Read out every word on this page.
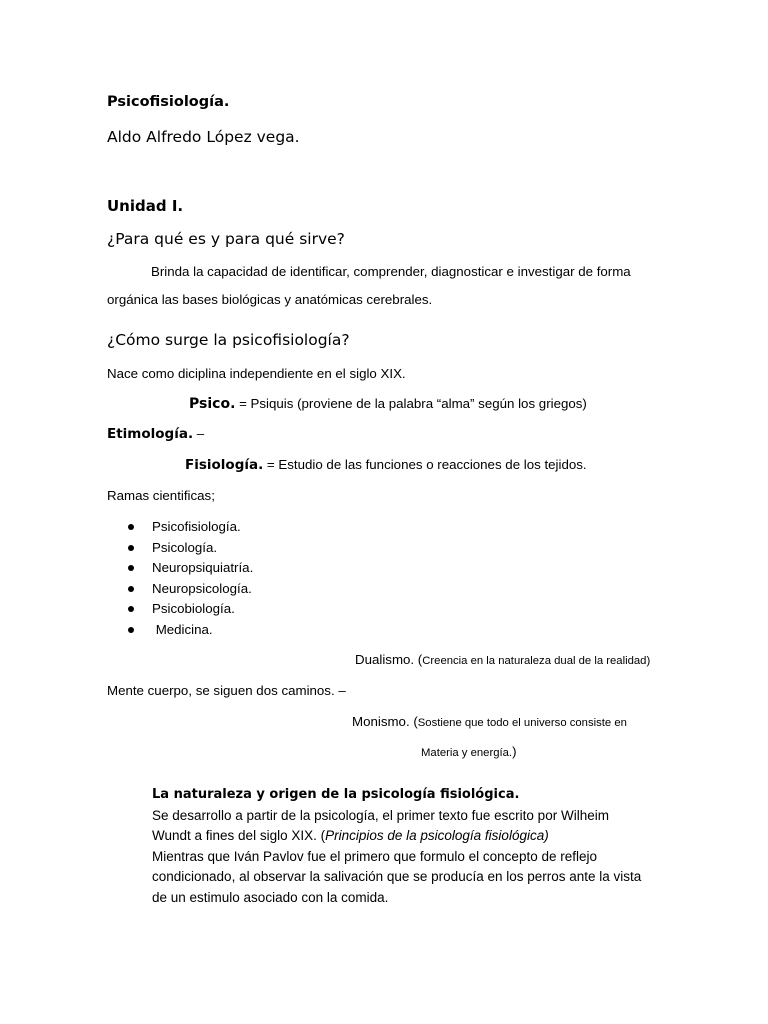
Psicofisiología.
Aldo Alfredo López vega.
Unidad I.
¿Para qué es y para qué sirve?
Brinda la capacidad de identificar, comprender, diagnosticar e investigar de forma
orgánica las bases biológicas y anatómicas cerebrales.
¿Cómo surge la psicofisiología?
Nace como diciplina independiente en el siglo XIX.
Psico. = Psiquis (proviene de la palabra “alma” según los griegos)
Etimología. –
Fisiología. = Estudio de las funciones o reacciones de los tejidos.
Ramas cientificas;
Psicofisiología.
Psicología.
Neuropsiquiatría.
Neuropsicología.
Psicobiología.
Medicina.
Dualismo. (Creencia en la naturaleza dual de la realidad)
Mente cuerpo, se siguen dos caminos. –
Monismo. (Sostiene que todo el universo consiste en
Materia y energía.)
La naturaleza y origen de la psicología fisiológica.
Se desarrollo a partir de la psicología, el primer texto fue escrito por Wilheim
Wundt a fines del siglo XIX. (Principios de la psicología fisiológica)
Mientras que Iván Pavlov fue el primero que formulo el concepto de reflejo
condicionado, al observar la salivación que se producía en los perros ante la vista
de un estimulo asociado con la comida.
